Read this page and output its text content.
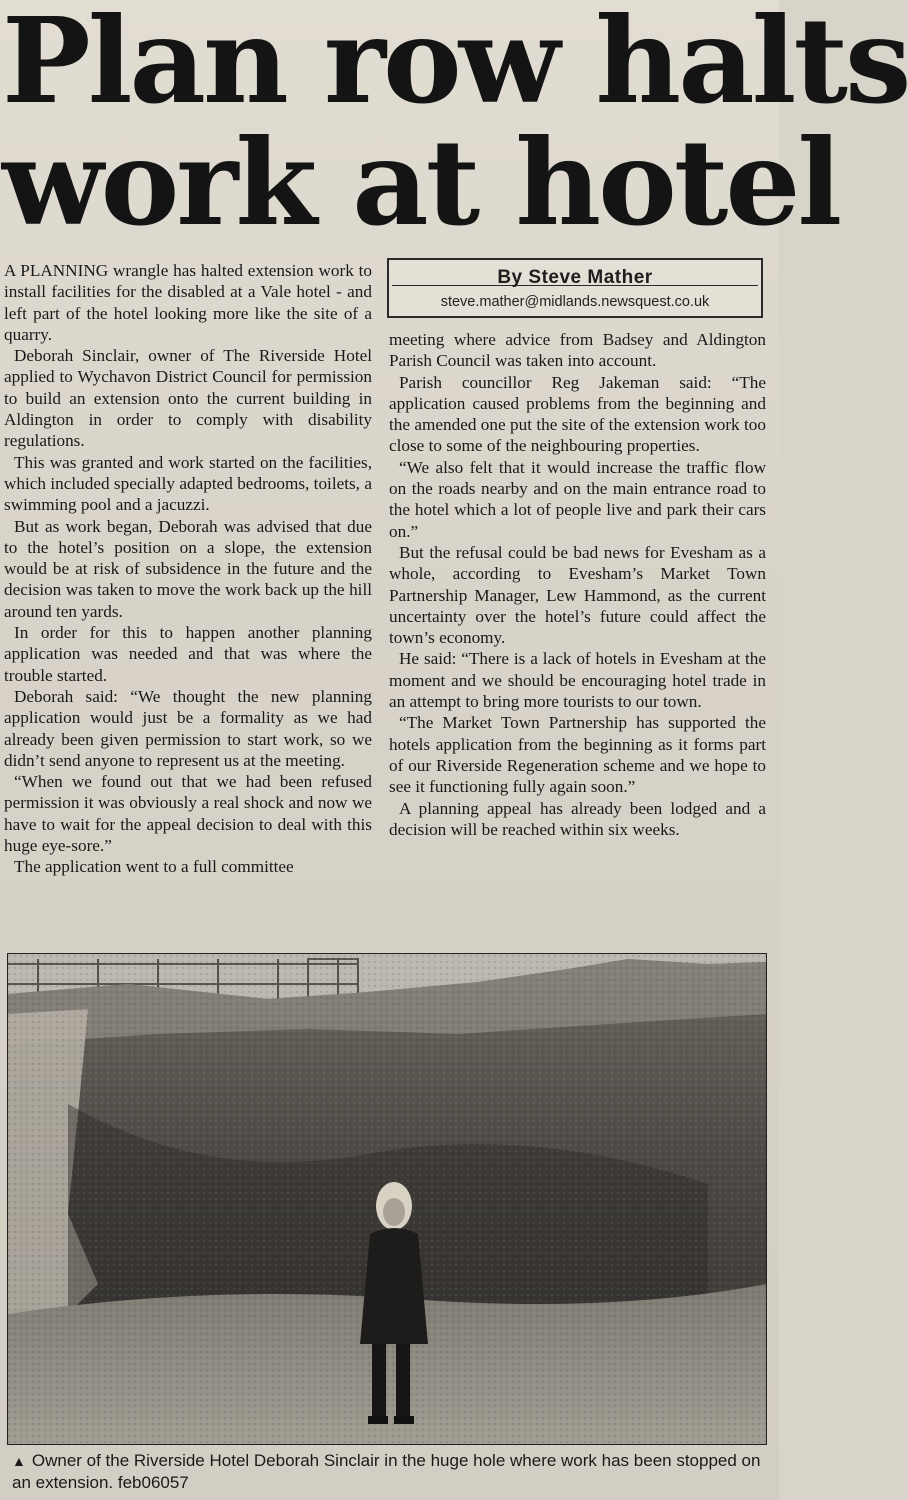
Plan row halts
work at hotel

A PLANNING wrangle has halted extension work to install facilities for the disabled at a Vale hotel - and left part of the hotel looking more like the site of a quarry.

Deborah Sinclair, owner of The Riverside Hotel applied to Wychavon District Council for permission to build an extension onto the current building in Aldington in order to comply with disability regulations.

This was granted and work started on the facilities, which included specially adapted bedrooms, toilets, a swimming pool and a jacuzzi.

But as work began, Deborah was advised that due to the hotel’s position on a slope, the extension would be at risk of subsidence in the future and the decision was taken to move the work back up the hill around ten yards.

In order for this to happen another planning application was needed and that was where the trouble started.

Deborah said: “We thought the new planning application would just be a formality as we had already been given permission to start work, so we didn’t send anyone to represent us at the meeting.

“When we found out that we had been refused permission it was obviously a real shock and now we have to wait for the appeal decision to deal with this huge eye-sore.”

The application went to a full committee

By Steve Mather
steve.mather@midlands.newsquest.co.uk

meeting where advice from Badsey and Aldington Parish Council was taken into account.

Parish councillor Reg Jakeman said: “The application caused problems from the beginning and the amended one put the site of the extension work too close to some of the neighbouring properties.

“We also felt that it would increase the traffic flow on the roads nearby and on the main entrance road to the hotel which a lot of people live and park their cars on.”

But the refusal could be bad news for Evesham as a whole, according to Evesham’s Market Town Partnership Manager, Lew Hammond, as the current uncertainty over the hotel’s future could affect the town’s economy.

He said: “There is a lack of hotels in Evesham at the moment and we should be encouraging hotel trade in an attempt to bring more tourists to our town.

“The Market Town Partnership has supported the hotels application from the beginning as it forms part of our Riverside Regeneration scheme and we hope to see it functioning fully again soon.”

A planning appeal has already been lodged and a decision will be reached within six weeks.

▲ Owner of the Riverside Hotel Deborah Sinclair in the huge hole where work has been stopped on an extension. feb06057
